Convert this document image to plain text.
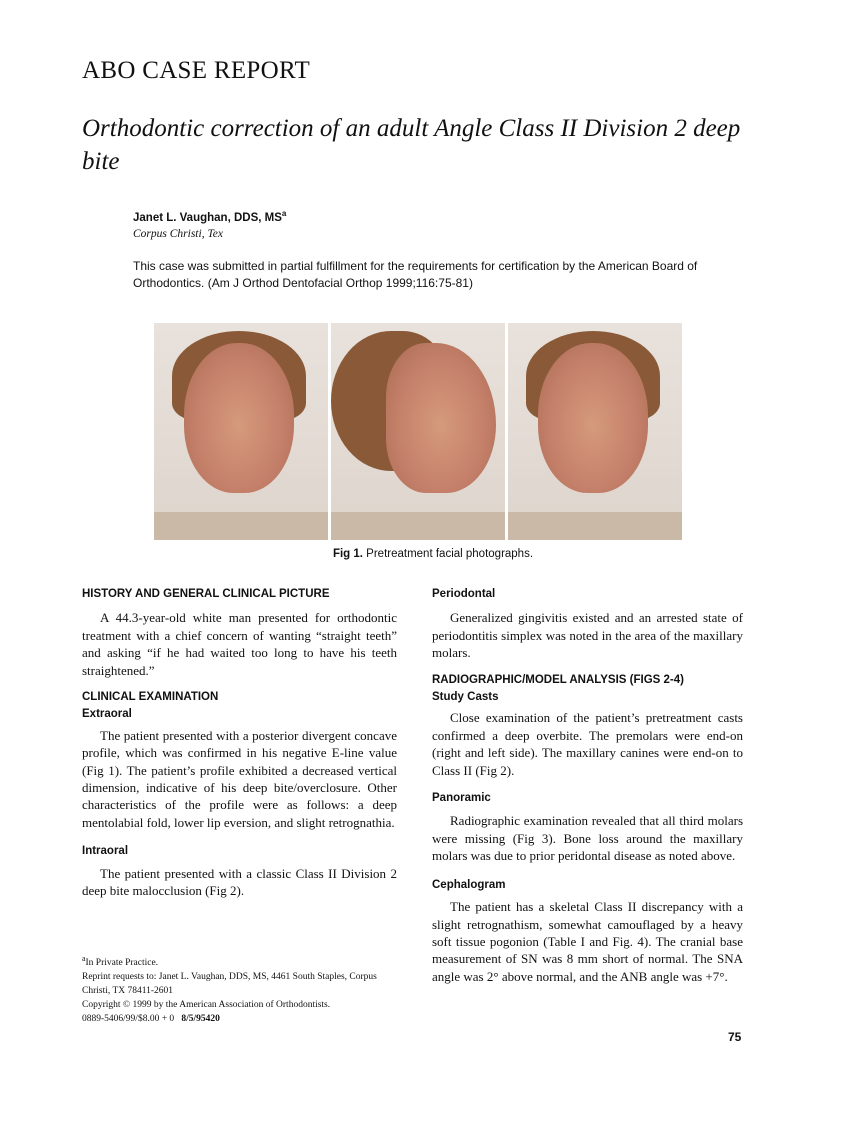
ABO CASE REPORT
Orthodontic correction of an adult Angle Class II Division 2 deep bite
Janet L. Vaughan, DDS, $MS^a$
Corpus Christi, Tex
This case was submitted in partial fulfillment for the requirements for certification by the American Board of Orthodontics. (Am J Orthod Dentofacial Orthop 1999;116:75-81)
Fig 1. Pretreatment facial photographs.
HISTORY AND GENERAL CLINICAL PICTURE

A 44.3-year-old white man presented for orthodontic treatment with a chief concern of wanting “straight teeth” and asking “if he had waited too long to have his teeth straightened.”

CLINICAL EXAMINATION
Extraoral

The patient presented with a posterior divergent concave profile, which was confirmed in his negative E-line value (Fig 1). The patient’s profile exhibited a decreased vertical dimension, indicative of his deep bite/overclosure. Other characteristics of the profile were as follows: a deep mentolabial fold, lower lip eversion, and slight retrognathia.

Intraoral

The patient presented with a classic Class II Division 2 deep bite malocclusion (Fig 2).

Periodontal

Generalized gingivitis existed and an arrested state of periodontitis simplex was noted in the area of the maxillary molars.

RADIOGRAPHIC/MODEL ANALYSIS (FIGS 2-4)
Study Casts

Close examination of the patient’s pretreatment casts confirmed a deep overbite. The premolars were end-on (right and left side). The maxillary canines were end-on to Class II (Fig 2).

Panoramic

Radiographic examination revealed that all third molars were missing (Fig 3). Bone loss around the maxillary molars was due to prior peridontal disease as noted above.

Cephalogram

The patient has a skeletal Class II discrepancy with a slight retrognathism, somewhat camouflaged by a heavy soft tissue pogonion (Table I and Fig. 4). The cranial base measurement of SN was 8 mm short of normal. The SNA angle was 2° above normal, and the ANB angle was +7°.

$^a$In Private Practice.
Reprint requests to: Janet L. Vaughan, DDS, MS, 4461 South Staples, Corpus Christi, TX 78411-2601
Copyright © 1999 by the American Association of Orthodontists.
0889-5406/99/$8.00 + 0 8/5/95420
75
